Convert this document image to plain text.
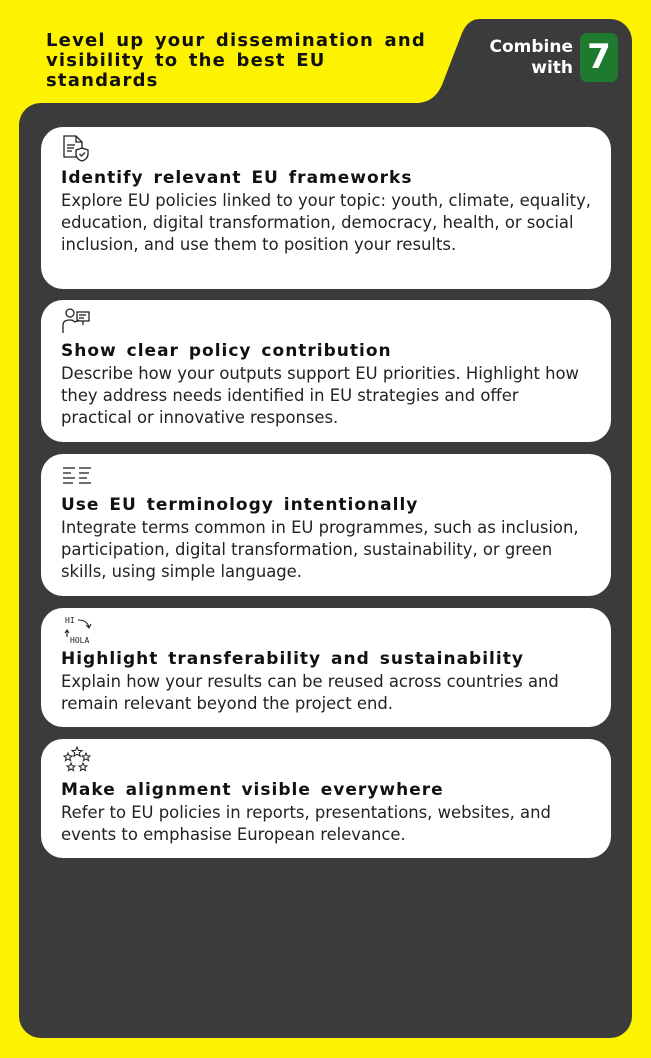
Level up your dissemination and visibility to the best EU standards
Combine
with 7
Identify relevant EU frameworks
Explore EU policies linked to your topic: youth, climate, equality, education, digital transformation, democracy, health, or social inclusion, and use them to position your results.
Show clear policy contribution
Describe how your outputs support EU priorities. Highlight how they address needs identified in EU strategies and offer practical or innovative responses.
Use EU terminology intentionally
Integrate terms common in EU programmes, such as inclusion, participation, digital transformation, sustainability, or green skills, using simple language.
HI
HOLA
Highlight transferability and sustainability
Explain how your results can be reused across countries and remain relevant beyond the project end.
Make alignment visible everywhere
Refer to EU policies in reports, presentations, websites, and events to emphasise European relevance.
